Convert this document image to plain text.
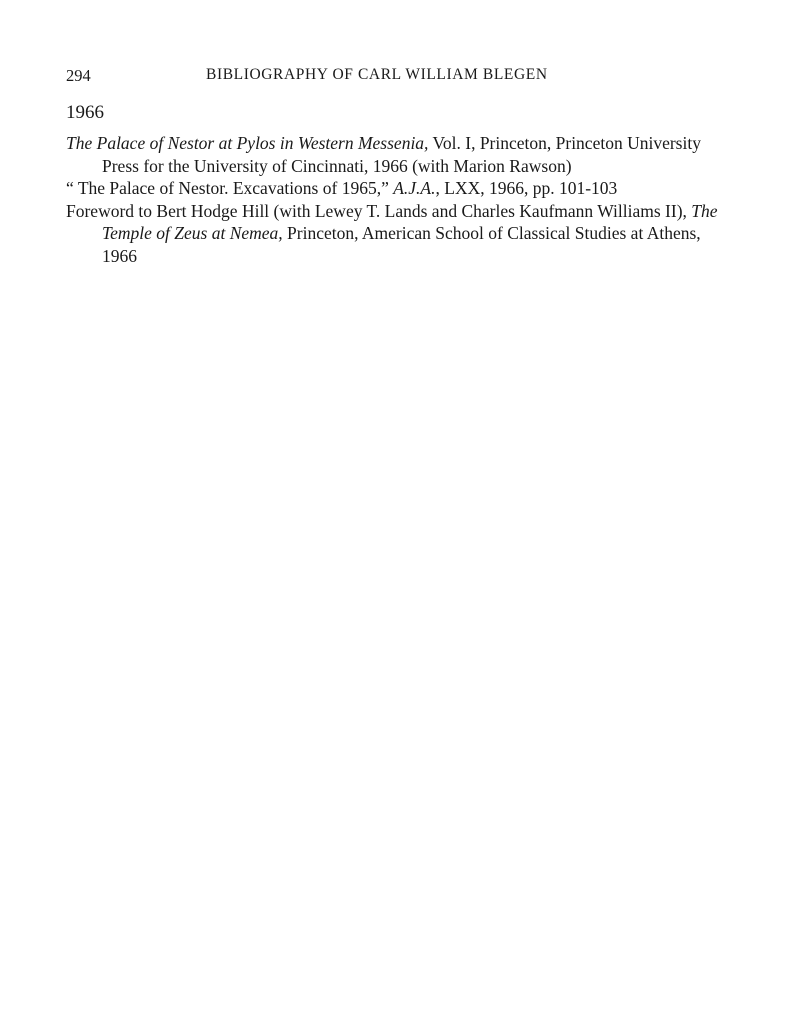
294	BIBLIOGRAPHY OF CARL WILLIAM BLEGEN
1966

The Palace of Nestor at Pylos in Western Messenia, Vol. I, Princeton, Princeton University Press for the University of Cincinnati, 1966 (with Marion Rawson)

“ The Palace of Nestor. Excavations of 1965,” A.J.A., LXX, 1966, pp. 101-103

Foreword to Bert Hodge Hill (with Lewey T. Lands and Charles Kaufmann Williams II), The Temple of Zeus at Nemea, Princeton, American School of Classical Studies at Athens, 1966
